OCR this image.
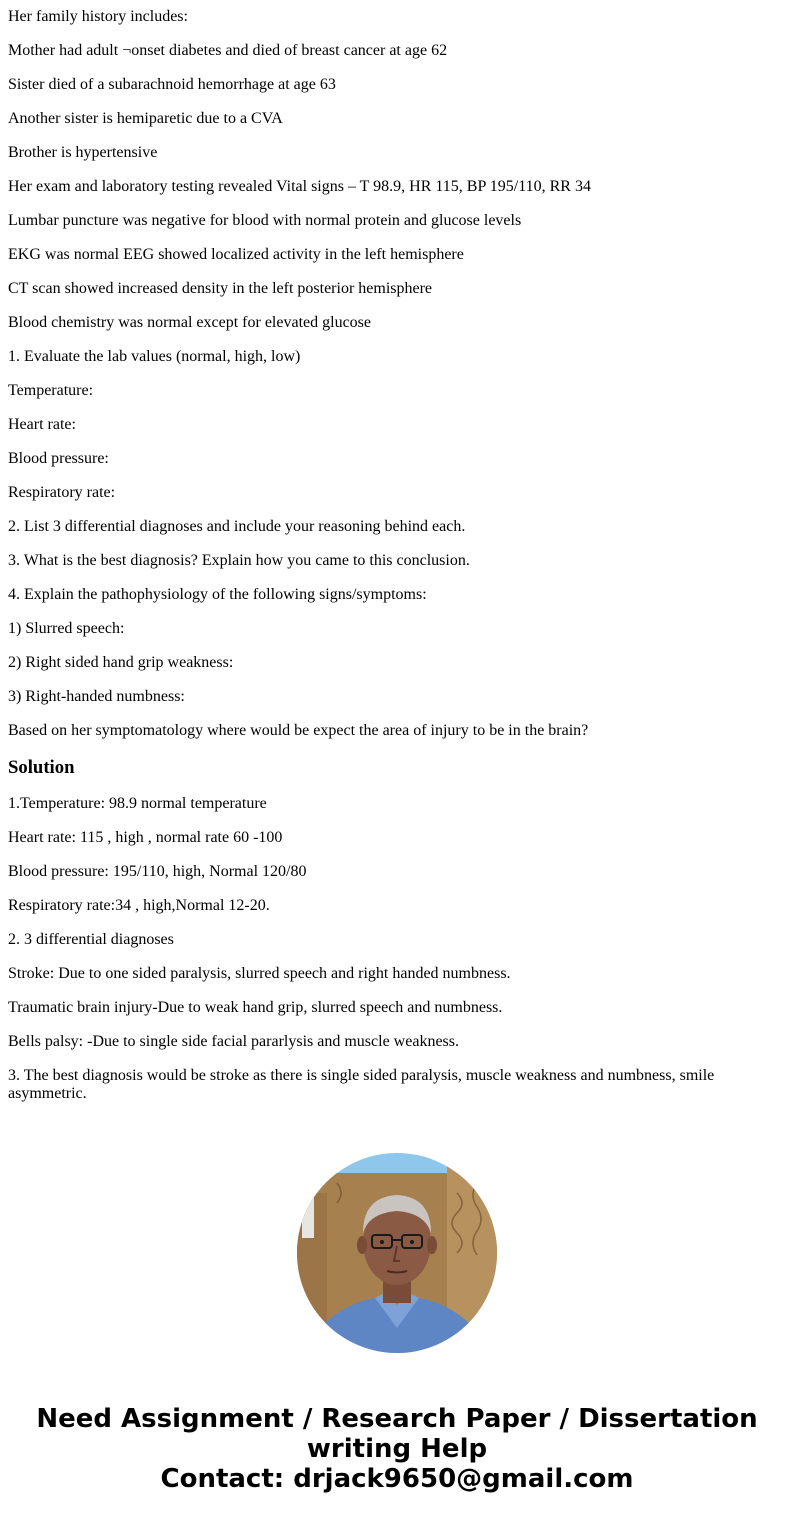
Her family history includes:

Mother had adult ¬onset diabetes and died of breast cancer at age 62

Sister died of a subarachnoid hemorrhage at age 63

Another sister is hemiparetic due to a CVA

Brother is hypertensive

Her exam and laboratory testing revealed Vital signs – T 98.9, HR 115, BP 195/110, RR 34

Lumbar puncture was negative for blood with normal protein and glucose levels

EKG was normal EEG showed localized activity in the left hemisphere

CT scan showed increased density in the left posterior hemisphere

Blood chemistry was normal except for elevated glucose

1. Evaluate the lab values (normal, high, low)

Temperature:

Heart rate:

Blood pressure:

Respiratory rate:

2. List 3 differential diagnoses and include your reasoning behind each.

3. What is the best diagnosis? Explain how you came to this conclusion.

4. Explain the pathophysiology of the following signs/symptoms:

1) Slurred speech:

2) Right sided hand grip weakness:

3) Right-handed numbness:

Based on her symptomatology where would be expect the area of injury to be in the brain?

Solution

1.Temperature: 98.9 normal temperature

Heart rate: 115 , high , normal rate 60 -100

Blood pressure: 195/110, high, Normal 120/80

Respiratory rate:34 , high,Normal 12-20.

2. 3 differential diagnoses

Stroke: Due to one sided paralysis, slurred speech and right handed numbness.

Traumatic brain injury-Due to weak hand grip, slurred speech and numbness.

Bells palsy: -Due to single side facial pararlysis and muscle weakness.

3. The best diagnosis would be stroke as there is single sided paralysis, muscle weakness and numbness, smile asymmetric.

Need Assignment / Research Paper / Dissertation
writing Help
Contact: drjack9650@gmail.com
